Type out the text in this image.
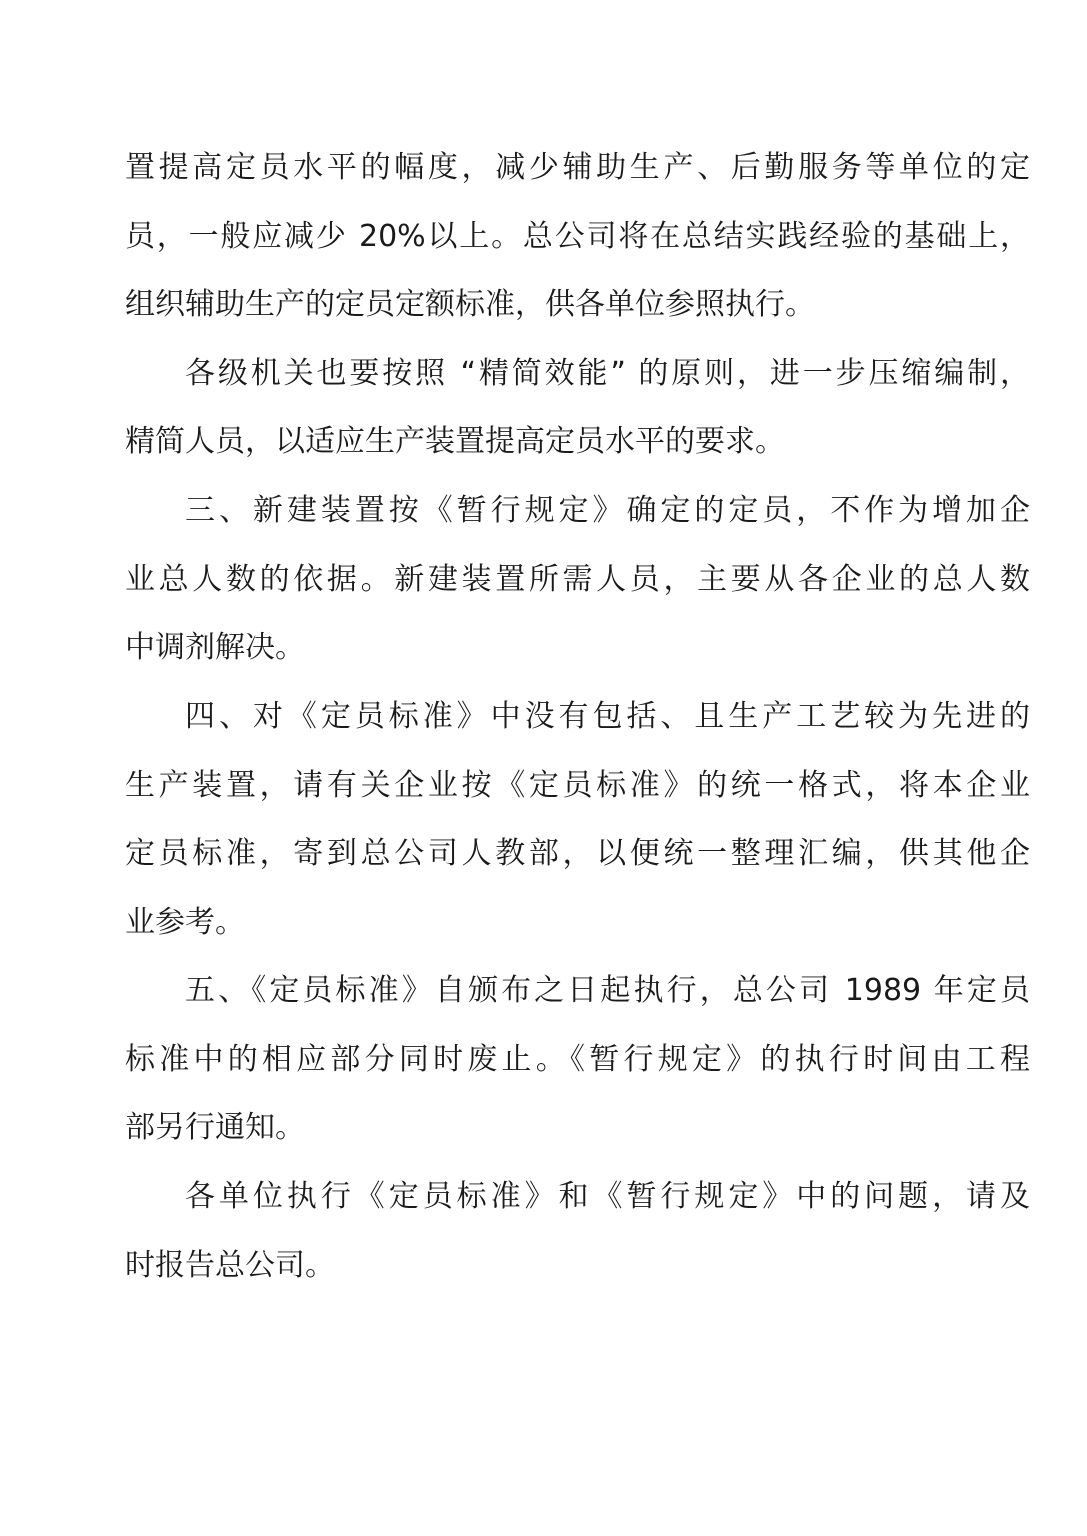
置提高定员水平的幅度，减少辅助生产、后勤服务等单位的定
员，一般应减少 20%以上。总公司将在总结实践经验的基础上，
组织辅助生产的定员定额标准，供各单位参照执行。
各级机关也要按照 “精简效能” 的原则，进一步压缩编制，
精简人员，以适应生产装置提高定员水平的要求。
三、新建装置按《暂行规定》确定的定员，不作为增加企
业总人数的依据。新建装置所需人员，主要从各企业的总人数
中调剂解决。
四、对《定员标准》中没有包括、且生产工艺较为先进的
生产装置，请有关企业按《定员标准》的统一格式，将本企业
定员标准，寄到总公司人教部，以便统一整理汇编，供其他企
业参考。
五、《定员标准》自颁布之日起执行，总公司 1989 年定员
标准中的相应部分同时废止。《暂行规定》的执行时间由工程
部另行通知。
各单位执行《定员标准》和《暂行规定》中的问题，请及
时报告总公司。
